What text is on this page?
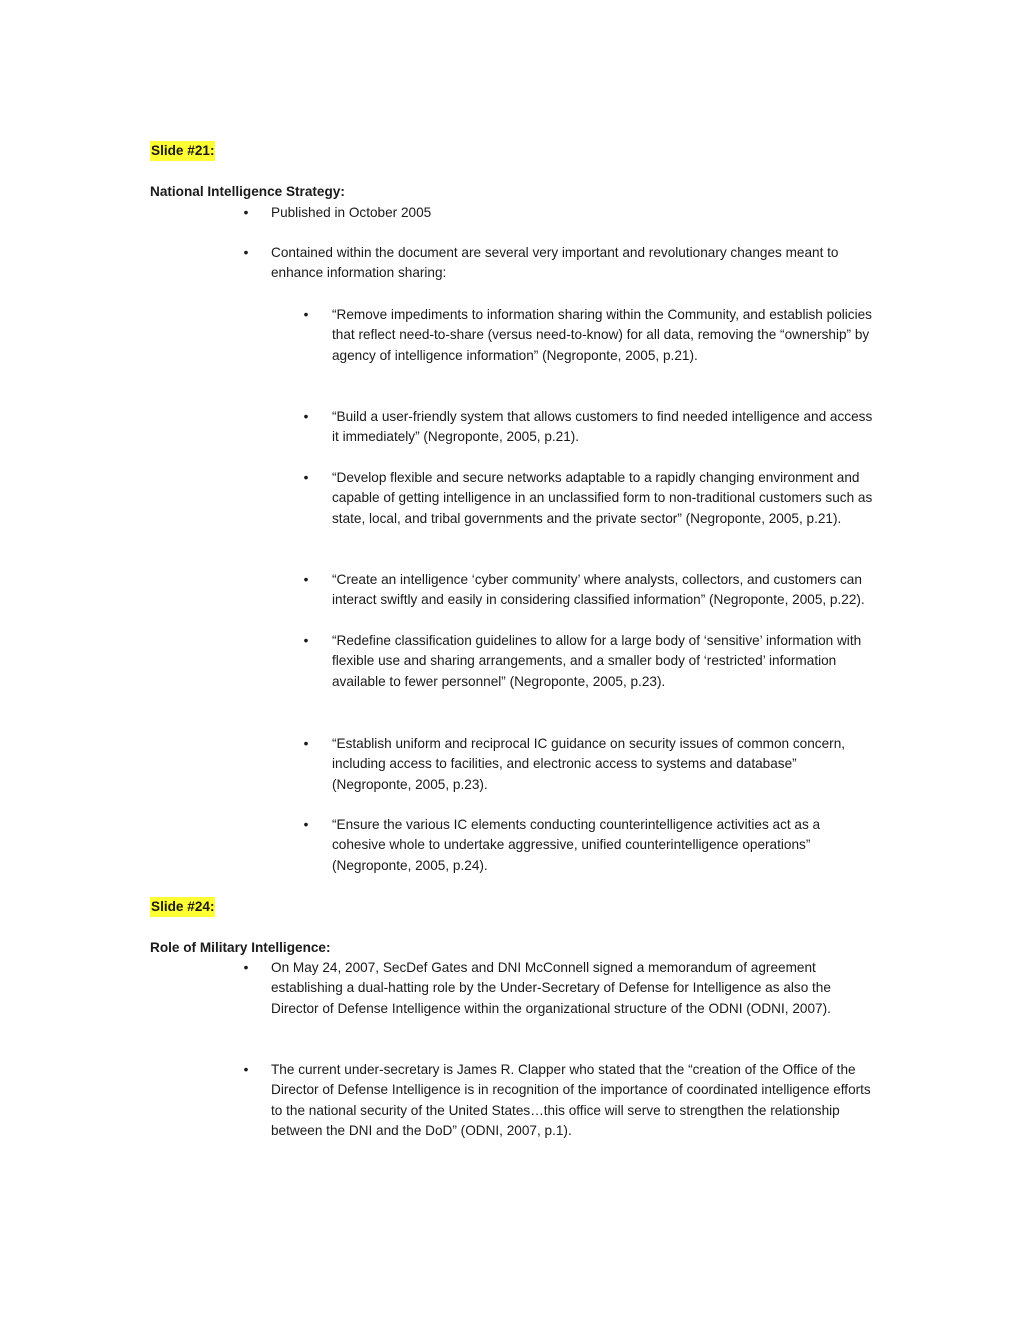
Slide #21:
National Intelligence Strategy:
• Published in October 2005
• Contained within the document are several very important and revolutionary changes meant to enhance information sharing:
• “Remove impediments to information sharing within the Community, and establish policies that reflect need-to-share (versus need-to-know) for all data, removing the “ownership” by agency of intelligence information” (Negroponte, 2005, p.21).
• “Build a user-friendly system that allows customers to find needed intelligence and access it immediately” (Negroponte, 2005, p.21).
• “Develop flexible and secure networks adaptable to a rapidly changing environment and capable of getting intelligence in an unclassified form to non-traditional customers such as state, local, and tribal governments and the private sector” (Negroponte, 2005, p.21).
• “Create an intelligence ‘cyber community’ where analysts, collectors, and customers can interact swiftly and easily in considering classified information” (Negroponte, 2005, p.22).
• “Redefine classification guidelines to allow for a large body of ‘sensitive’ information with flexible use and sharing arrangements, and a smaller body of ‘restricted’ information available to fewer personnel” (Negroponte, 2005, p.23).
• “Establish uniform and reciprocal IC guidance on security issues of common concern, including access to facilities, and electronic access to systems and database” (Negroponte, 2005, p.23).
• “Ensure the various IC elements conducting counterintelligence activities act as a cohesive whole to undertake aggressive, unified counterintelligence operations” (Negroponte, 2005, p.24).
Slide #24:
Role of Military Intelligence:
• On May 24, 2007, SecDef Gates and DNI McConnell signed a memorandum of agreement establishing a dual-hatting role by the Under-Secretary of Defense for Intelligence as also the Director of Defense Intelligence within the organizational structure of the ODNI (ODNI, 2007).
• The current under-secretary is James R. Clapper who stated that the “creation of the Office of the Director of Defense Intelligence is in recognition of the importance of coordinated intelligence efforts to the national security of the United States…this office will serve to strengthen the relationship between the DNI and the DoD” (ODNI, 2007, p.1).
